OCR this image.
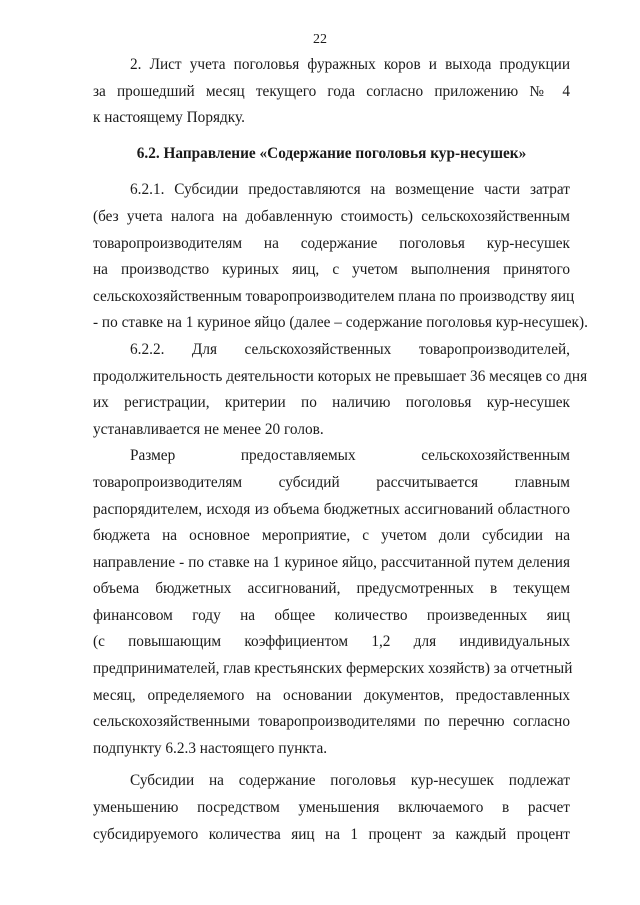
22
2. Лист учета поголовья фуражных коров и выхода продукции
за прошедший месяц текущего года согласно приложению № 4
к настоящему Порядку.
6.2. Направление «Содержание поголовья кур-несушек»
6.2.1. Субсидии предоставляются на возмещение части затрат
(без учета налога на добавленную стоимость) сельскохозяйственным
товаропроизводителям на содержание поголовья кур-несушек
на производство куриных яиц, с учетом выполнения принятого
сельскохозяйственным товаропроизводителем плана по производству яиц
- по ставке на 1 куриное яйцо (далее – содержание поголовья кур-несушек).
6.2.2. Для сельскохозяйственных товаропроизводителей,
продолжительность деятельности которых не превышает 36 месяцев со дня
их регистрации, критерии по наличию поголовья кур-несушек
устанавливается не менее 20 голов.
Размер предоставляемых сельскохозяйственным
товаропроизводителям субсидий рассчитывается главным
распорядителем, исходя из объема бюджетных ассигнований областного
бюджета на основное мероприятие, с учетом доли субсидии на
направление - по ставке на 1 куриное яйцо, рассчитанной путем деления
объема бюджетных ассигнований, предусмотренных в текущем
финансовом году на общее количество произведенных яиц
(с повышающим коэффициентом 1,2 для индивидуальных
предпринимателей, глав крестьянских фермерских хозяйств) за отчетный
месяц, определяемого на основании документов, предоставленных
сельскохозяйственными товаропроизводителями по перечню согласно
подпункту 6.2.3 настоящего пункта.
Субсидии на содержание поголовья кур-несушек подлежат
уменьшению посредством уменьшения включаемого в расчет
субсидируемого количества яиц на 1 процент за каждый процент
